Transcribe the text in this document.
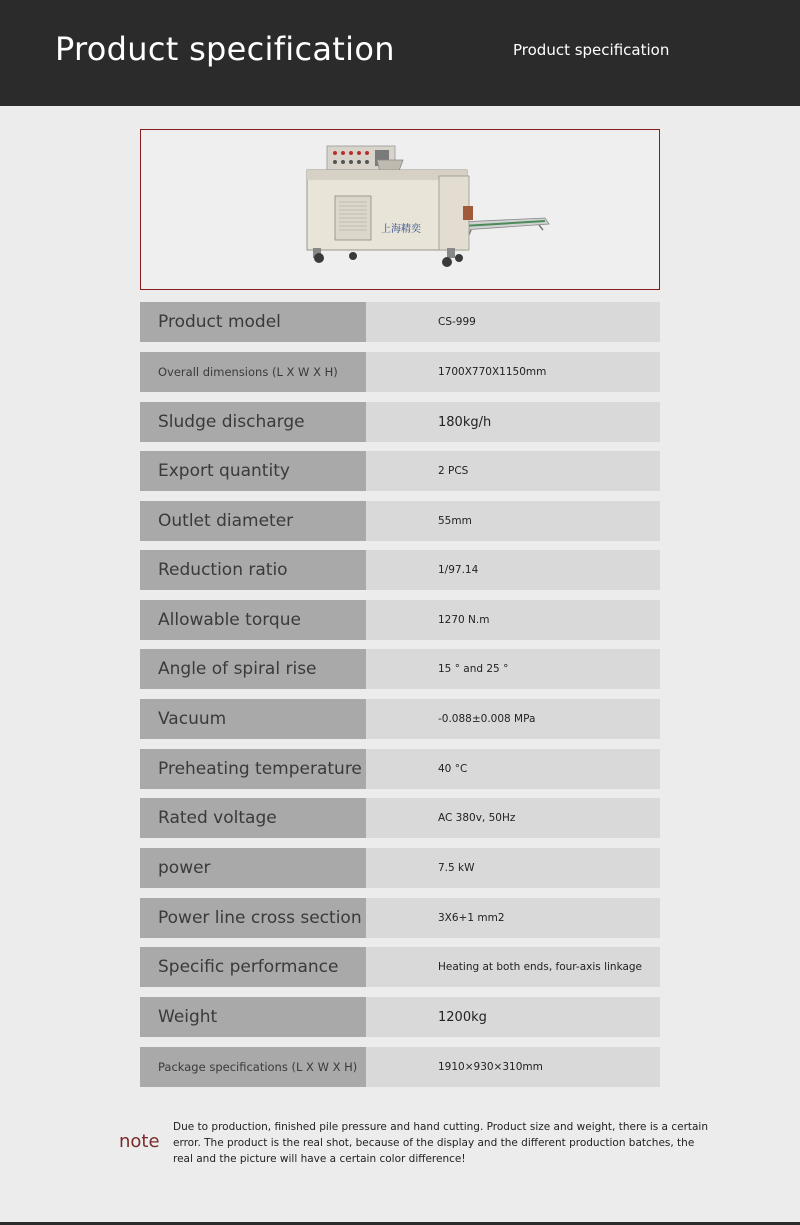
Product specification	Product specification
上海精奕
Product model	CS-999
Overall dimensions (L X W X H)	1700X770X1150mm
Sludge discharge	180kg/h
Export quantity	2 PCS
Outlet diameter	55mm
Reduction ratio	1/97.14
Allowable torque	1270 N.m
Angle of spiral rise	15 ° and 25 °
Vacuum	-0.088±0.008 MPa
Preheating temperature	40 °C
Rated voltage	AC 380v, 50Hz
power	7.5 kW
Power line cross section	3X6+1 mm2
Specific performance	Heating at both ends, four-axis linkage
Weight	1200kg
Package specifications (L X W X H)	1910×930×310mm
note
Due to production, finished pile pressure and hand cutting. Product size and weight, there is a certain error. The product is the real shot, because of the display and the different production batches, the real and the picture will have a certain color difference!
